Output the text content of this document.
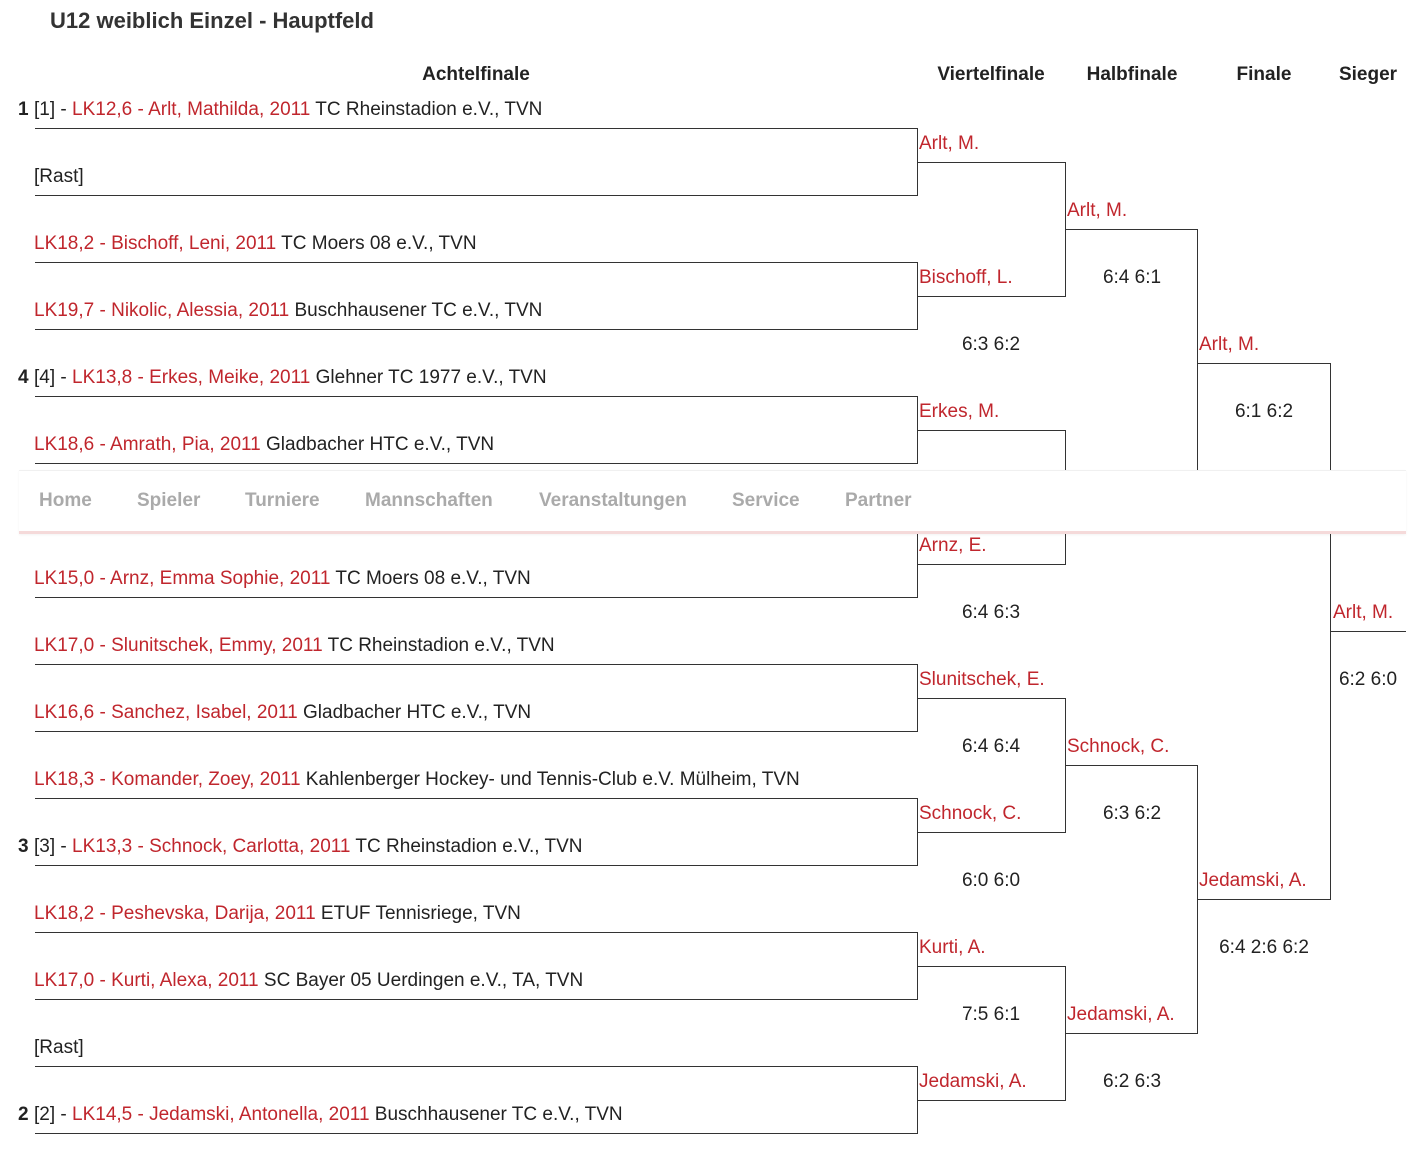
U12 weiblich Einzel - Hauptfeld
Achtelfinale	Viertelfinale Halbfinale	Finale	Sieger
1 [1] - LK12,6 - Arlt, Mathilda, 2011 TC Rheinstadion e.V., TVN
[Rast]
LK18,2 - Bischoff, Leni, 2011 TC Moers 08 e.V., TVN
LK19,7 - Nikolic, Alessia, 2011 Buschhausener TC e.V., TVN
4 [4] - LK13,8 - Erkes, Meike, 2011 Glehner TC 1977 e.V., TVN
LK18,6 - Amrath, Pia, 2011 Gladbacher HTC e.V., TVN
LK15,0 - Arnz, Emma Sophie, 2011 TC Moers 08 e.V., TVN
LK17,0 - Slunitschek, Emmy, 2011 TC Rheinstadion e.V., TVN
LK16,6 - Sanchez, Isabel, 2011 Gladbacher HTC e.V., TVN
LK18,3 - Komander, Zoey, 2011 Kahlenberger Hockey- und Tennis-Club e.V. Mülheim, TVN
3 [3] - LK13,3 - Schnock, Carlotta, 2011 TC Rheinstadion e.V., TVN
LK18,2 - Peshevska, Darija, 2011 ETUF Tennisriege, TVN
LK17,0 - Kurti, Alexa, 2011 SC Bayer 05 Uerdingen e.V., TA, TVN
[Rast]
2 [2] - LK14,5 - Jedamski, Antonella, 2011 Buschhausener TC e.V., TVN
Arlt, M.
Bischoff, L.
6:3 6:2
Erkes, M.
Arnz, E.
6:4 6:3
Slunitschek, E.
6:4 6:4
Schnock, C.
6:0 6:0
Kurti, A.
7:5 6:1
Jedamski, A.
Arlt, M.
6:4 6:1
Schnock, C.
6:3 6:2
Jedamski, A.
6:2 6:3
Arlt, M.
6:1 6:2
Jedamski, A.
6:4 2:6 6:2
Arlt, M.
6:2 6:0
Home Spieler Turniere Mannschaften Veranstaltungen Service Partner
